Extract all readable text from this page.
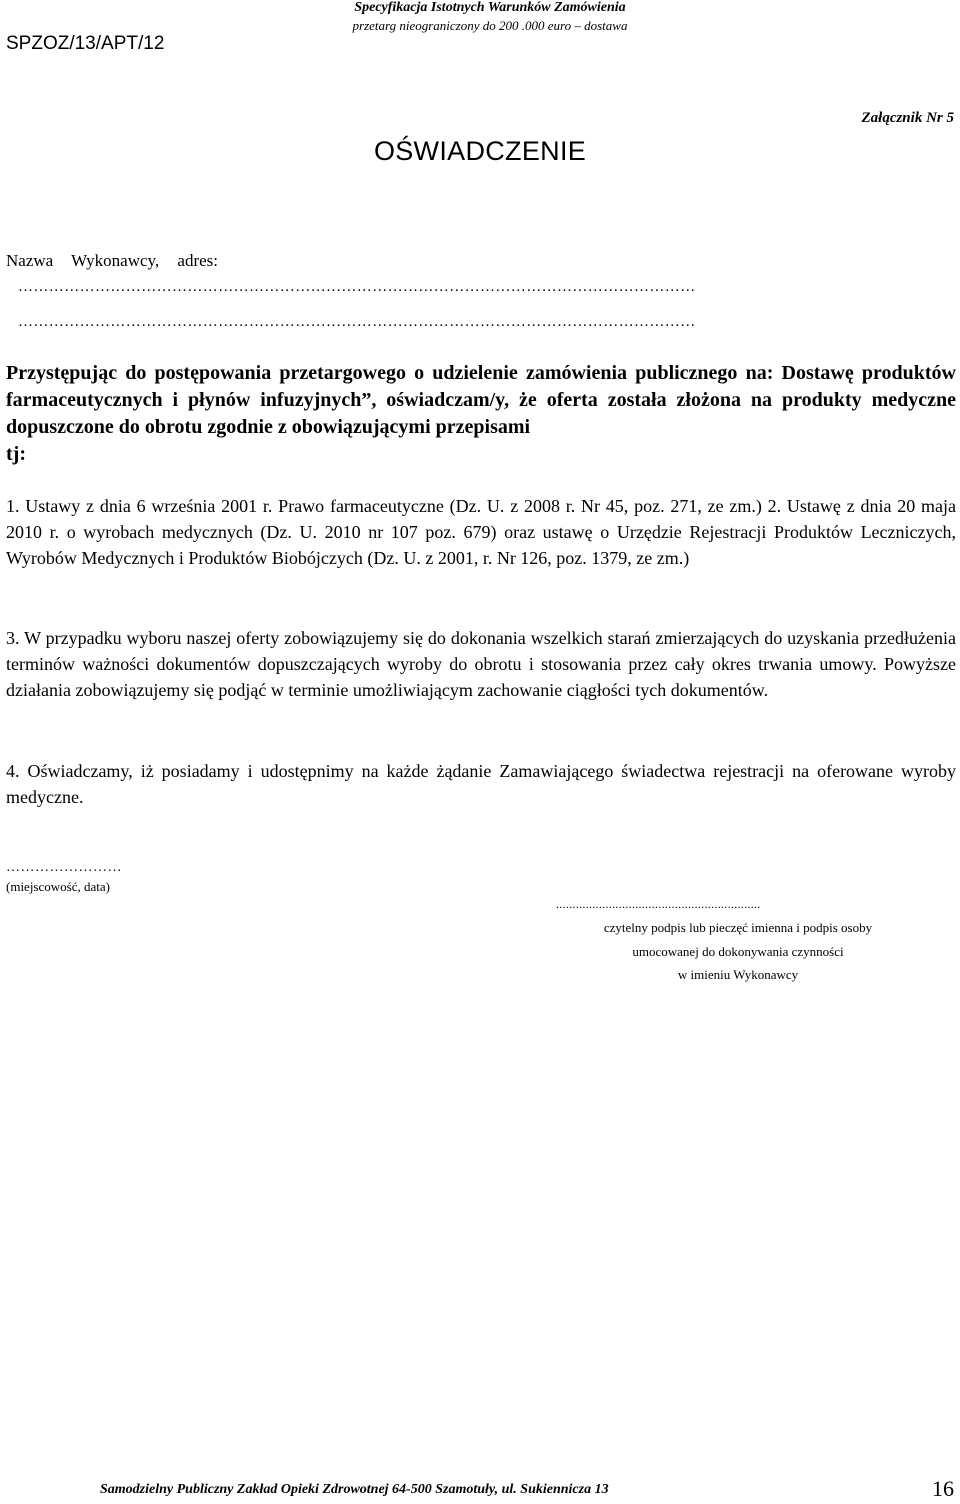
SPZOZ/13/APT/12
Specyfikacja Istotnych Warunków Zamówienia
przetarg nieograniczony do 200 .000 euro – dostawa
Załącznik Nr 5
OŚWIADCZENIE
Nazwa Wykonawcy, adres:
……………………………………………………………………………………………………………………
……………………………………………………………………………………………………………………
Przystępując do postępowania przetargowego o udzielenie zamówienia publicznego na: Dostawę produktów farmaceutycznych i płynów infuzyjnych”, oświadczam/y, że oferta została złożona na produkty medyczne dopuszczone do obrotu zgodnie z obowiązującymi przepisami
tj:
1. Ustawy z dnia 6 września 2001 r. Prawo farmaceutyczne (Dz. U. z 2008 r. Nr 45, poz. 271, ze zm.) 2. Ustawę z dnia 20 maja 2010 r. o wyrobach medycznych (Dz. U. 2010 nr 107 poz. 679) oraz ustawę o Urzędzie Rejestracji Produktów Leczniczych, Wyrobów Medycznych i Produktów Biobójczych (Dz. U. z 2001, r. Nr 126, poz. 1379, ze zm.)
3. W przypadku wyboru naszej oferty zobowiązujemy się do dokonania wszelkich starań zmierzających do uzyskania przedłużenia terminów ważności dokumentów dopuszczających wyroby do obrotu i stosowania przez cały okres trwania umowy. Powyższe działania zobowiązujemy się podjąć w terminie umożliwiającym zachowanie ciągłości tych dokumentów.
4. Oświadczamy, iż posiadamy i udostępnimy na każde żądanie Zamawiającego świadectwa rejestracji na oferowane wyroby medyczne.
……………………
(miejscowość, data)
..............................................................
czytelny podpis lub pieczęć imienna i podpis osoby
umocowanej do dokonywania czynności
w imieniu Wykonawcy
Samodzielny Publiczny Zakład Opieki Zdrowotnej 64-500 Szamotuły, ul. Sukiennicza 13	16
